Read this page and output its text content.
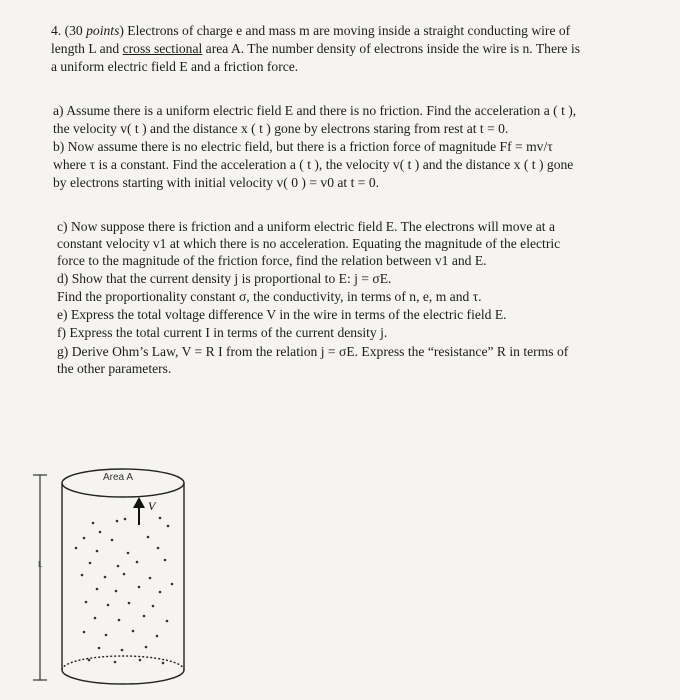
4. (30 points) Electrons of charge e and mass m are moving inside a straight conducting wire of
length L and cross sectional area A. The number density of electrons inside the wire is n. There is
a uniform electric field E and a friction force.
a) Assume there is a uniform electric field E and there is no friction. Find the acceleration a ( t ),
the velocity v( t ) and the distance x ( t ) gone by electrons staring from rest at t = 0.
b) Now assume there is no electric field, but there is a friction force of magnitude Ff = mv/τ
where τ is a constant. Find the acceleration a ( t ), the velocity v( t ) and the distance x ( t ) gone
by electrons starting with initial velocity v( 0 ) = v0 at t = 0.
c) Now suppose there is friction and a uniform electric field E. The electrons will move at a
constant velocity v1 at which there is no acceleration. Equating the magnitude of the electric
force to the magnitude of the friction force, find the relation between v1 and E.
d) Show that the current density j is proportional to E: j = σE.
Find the proportionality constant σ, the conductivity, in terms of n, e, m and τ.
e) Express the total voltage difference V in the wire in terms of the electric field E.
f) Express the total current I in terms of the current density j.
g) Derive Ohm’s Law, V = R I from the relation j = σE. Express the “resistance” R in terms of
the other parameters.
Area A
V
L
